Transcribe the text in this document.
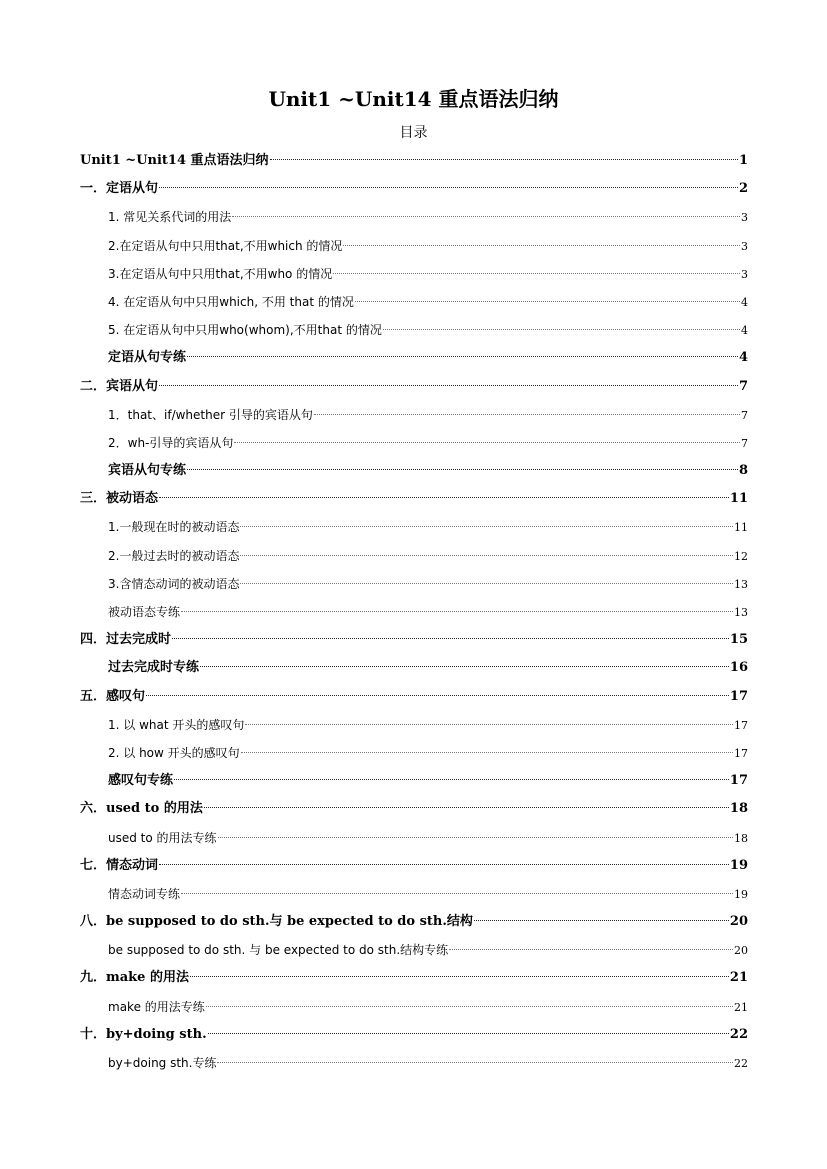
Unit1 ~Unit14 重点语法归纳
目录
Unit1 ~Unit14 重点语法归纳	1
一．定语从句	2
1. 常见关系代词的用法	3
2.在定语从句中只用that,不用which 的情况	3
3.在定语从句中只用that,不用who 的情况	3
4. 在定语从句中只用which, 不用 that 的情况	4
5. 在定语从句中只用who(whom),不用that 的情况	4
定语从句专练	4
二．宾语从句	7
1．that、if/whether 引导的宾语从句	7
2．wh-引导的宾语从句	7
宾语从句专练	8
三．被动语态	11
1.一般现在时的被动语态	11
2.一般过去时的被动语态	12
3.含情态动词的被动语态	13
被动语态专练	13
四．过去完成时	15
过去完成时专练	16
五．感叹句	17
1. 以 what 开头的感叹句	17
2. 以 how 开头的感叹句	17
感叹句专练	17
六．used to 的用法	18
used to 的用法专练	18
七．情态动词	19
情态动词专练	19
八．be supposed to do sth.与 be expected to do sth.结构	20
be supposed to do sth. 与 be expected to do sth.结构专练	20
九．make 的用法	21
make 的用法专练	21
十．by+doing sth.	22
by+doing sth.专练	22
